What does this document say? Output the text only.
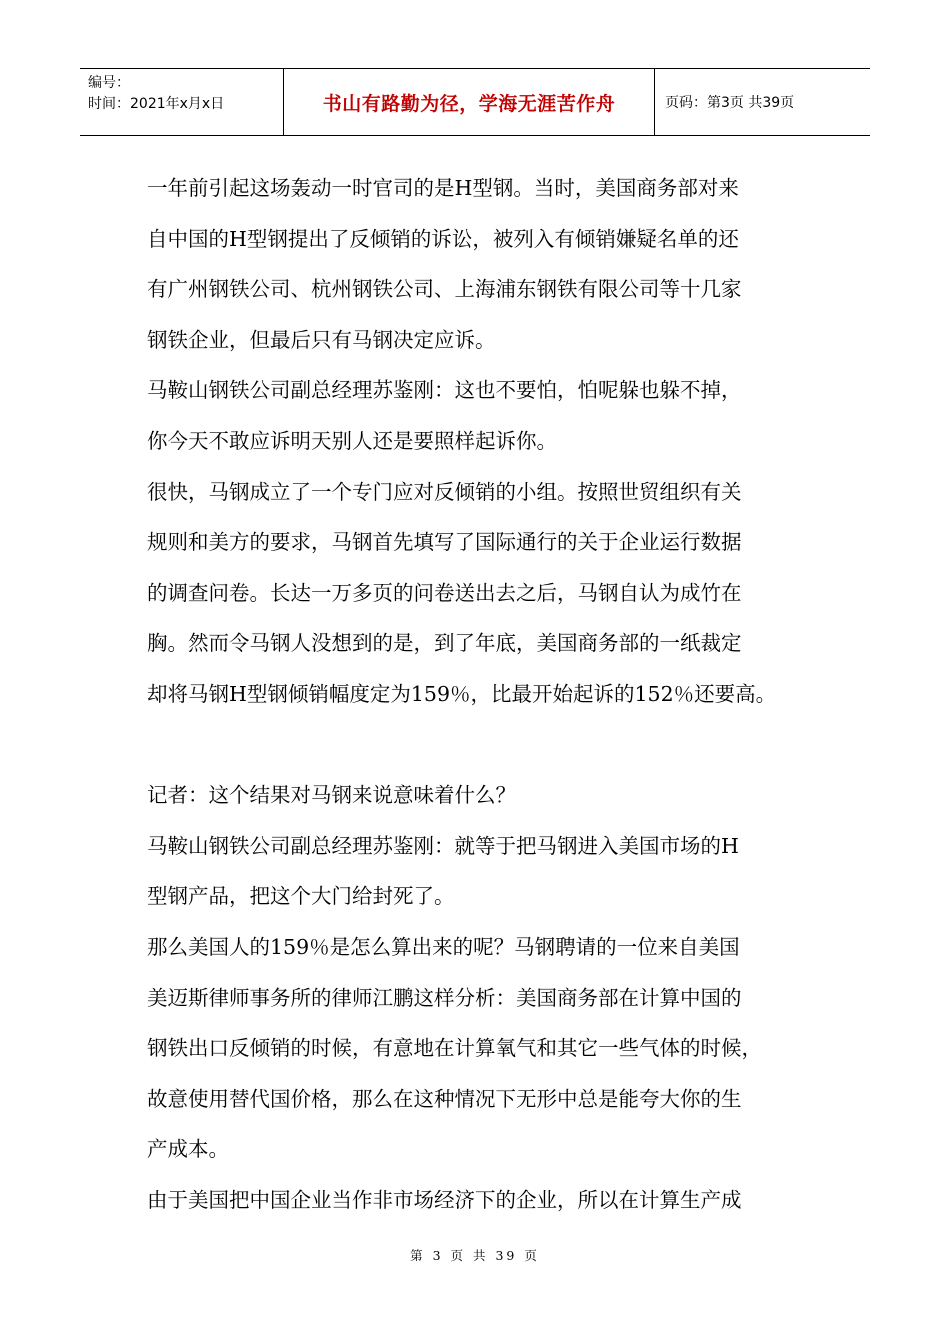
编号：
时间：2021年x月x日	书山有路勤为径，学海无涯苦作舟	页码：第3页 共39页

一年前引起这场轰动一时官司的是H型钢。当时，美国商务部对来

自中国的H型钢提出了反倾销的诉讼，被列入有倾销嫌疑名单的还

有广州钢铁公司、杭州钢铁公司、上海浦东钢铁有限公司等十几家

钢铁企业，但最后只有马钢决定应诉。

马鞍山钢铁公司副总经理苏鉴刚：这也不要怕，怕呢躲也躲不掉，

你今天不敢应诉明天别人还是要照样起诉你。

很快，马钢成立了一个专门应对反倾销的小组。按照世贸组织有关

规则和美方的要求，马钢首先填写了国际通行的关于企业运行数据

的调查问卷。长达一万多页的问卷送出去之后，马钢自认为成竹在

胸。然而令马钢人没想到的是，到了年底，美国商务部的一纸裁定

却将马钢H型钢倾销幅度定为159％，比最开始起诉的152％还要高。

记者：这个结果对马钢来说意味着什么？

马鞍山钢铁公司副总经理苏鉴刚：就等于把马钢进入美国市场的H

型钢产品，把这个大门给封死了。

那么美国人的159％是怎么算出来的呢？马钢聘请的一位来自美国

美迈斯律师事务所的律师江鹏这样分析：美国商务部在计算中国的

钢铁出口反倾销的时候，有意地在计算氧气和其它一些气体的时候，

故意使用替代国价格，那么在这种情况下无形中总是能夸大你的生

产成本。

由于美国把中国企业当作非市场经济下的企业，所以在计算生产成

第 3 页 共 39 页
